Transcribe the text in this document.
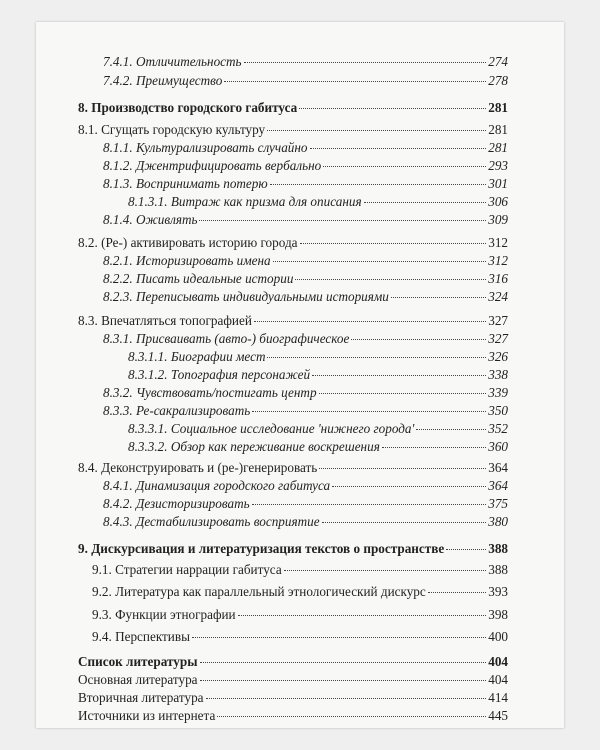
7.4.1. Отличительность	274
7.4.2. Преимущество	278
8. Производство городского габитуса	281
8.1. Сгущать городскую культуру	281
8.1.1. Культурализировать случайно	281
8.1.2. Джентрифицировать вербально	293
8.1.3. Воспринимать потерю	301
8.1.3.1. Витраж как призма для описания	306
8.1.4. Оживлять	309
8.2. (Ре-) активировать историю города	312
8.2.1. Историзировать имена	312
8.2.2. Писать идеальные истории	316
8.2.3. Переписывать индивидуальными историями	324
8.3. Впечатляться топографией	327
8.3.1. Присваивать (авто-) биографическое	327
8.3.1.1. Биографии мест	326
8.3.1.2. Топография персонажей	338
8.3.2. Чувствовать/постигать центр	339
8.3.3. Ре-сакрализировать	350
8.3.3.1. Социальное исследование 'нижнего города'	352
8.3.3.2. Обзор как переживание воскрешения	360
8.4. Деконструировать и (ре-)генерировать	364
8.4.1. Динамизация городского габитуса	364
8.4.2. Дезисторизировать	375
8.4.3. Дестабилизировать восприятие	380
9. Дискурсивация и литературизация текстов о пространстве	388
9.1. Стратегии наррации габитуса	388
9.2. Литература как параллельный этнологический дискурс	393
9.3. Функции этнографии	398
9.4. Перспективы	400
Список литературы	404
Основная литература	404
Вторичная литература	414
Источники из интернета	445
